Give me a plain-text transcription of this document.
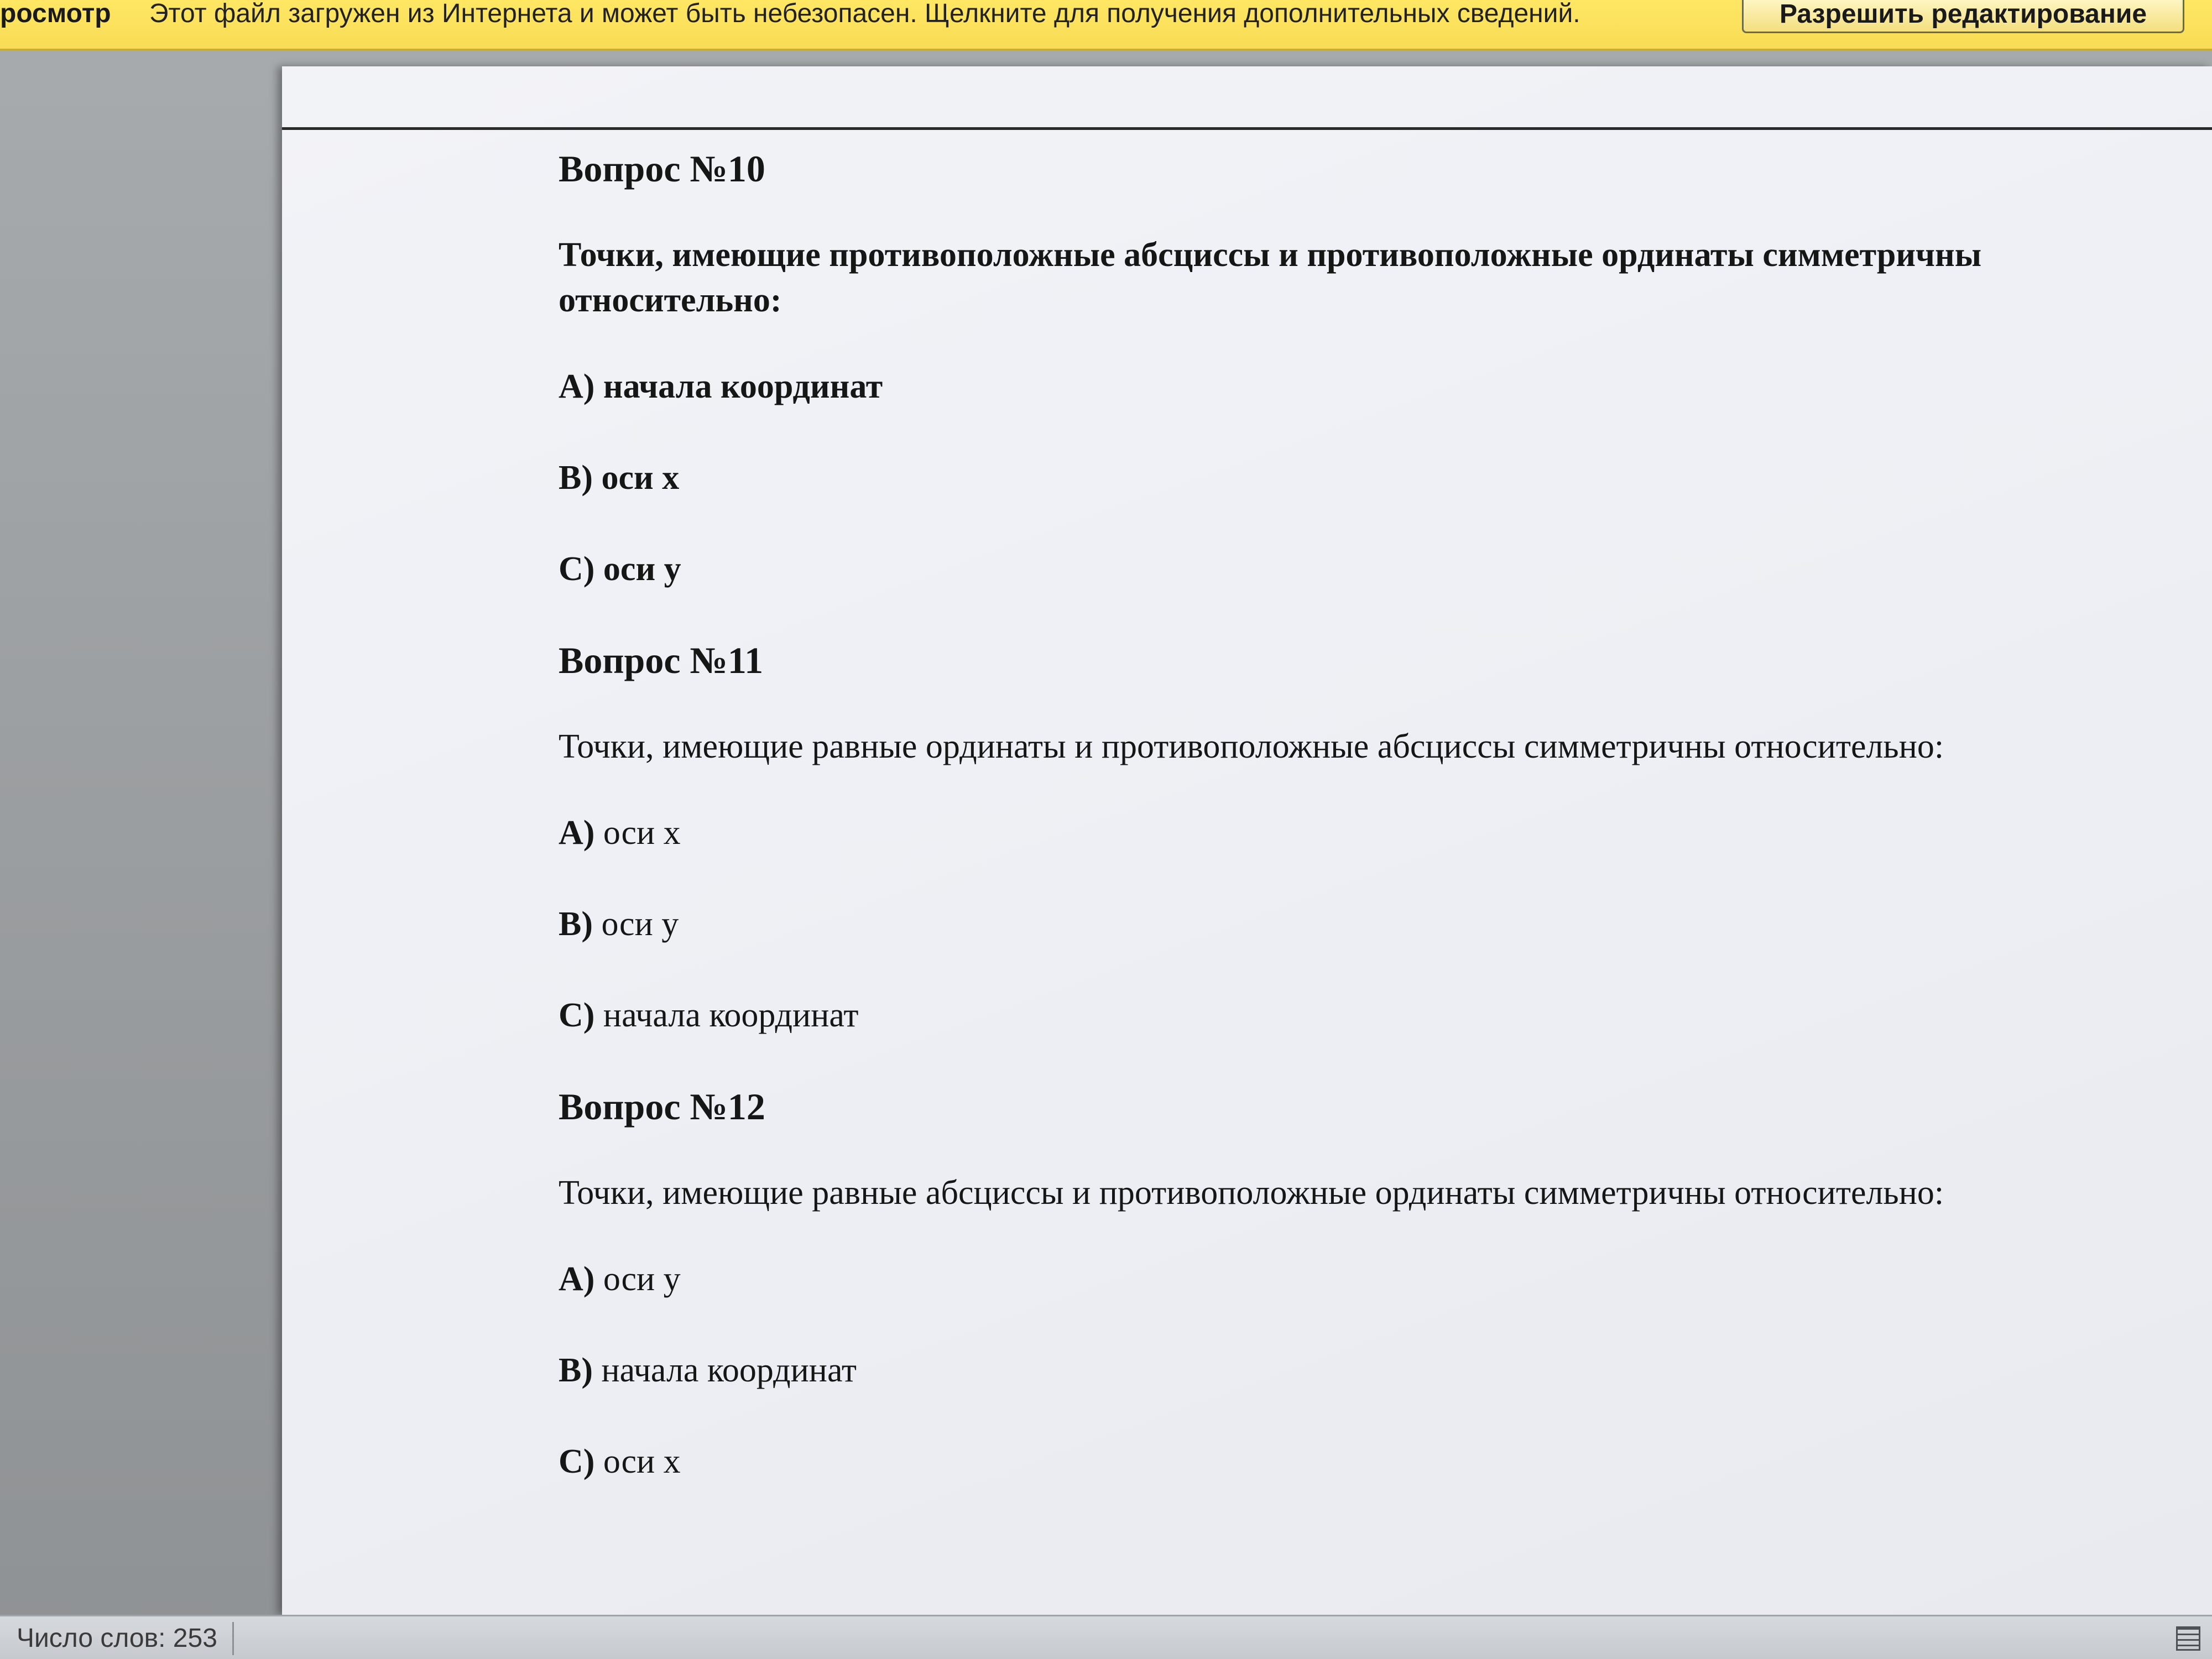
росмотр Этот файл загружен из Интернета и может быть небезопасен. Щелкните для получения дополнительных сведений.	Разрешить редактирование

Вопрос №10

Точки, имеющие противоположные абсциссы и противоположные ординаты симметричны относительно:

А) начала координат

В) оси х

С) оси у

Вопрос №11

Точки, имеющие равные ординаты и противоположные абсциссы симметричны относительно:

А) оси х

В) оси у

С) начала координат

Вопрос №12

Точки, имеющие равные абсциссы и противоположные ординаты симметричны относительно:

А) оси у

В) начала координат

С) оси х

Число слов: 253
